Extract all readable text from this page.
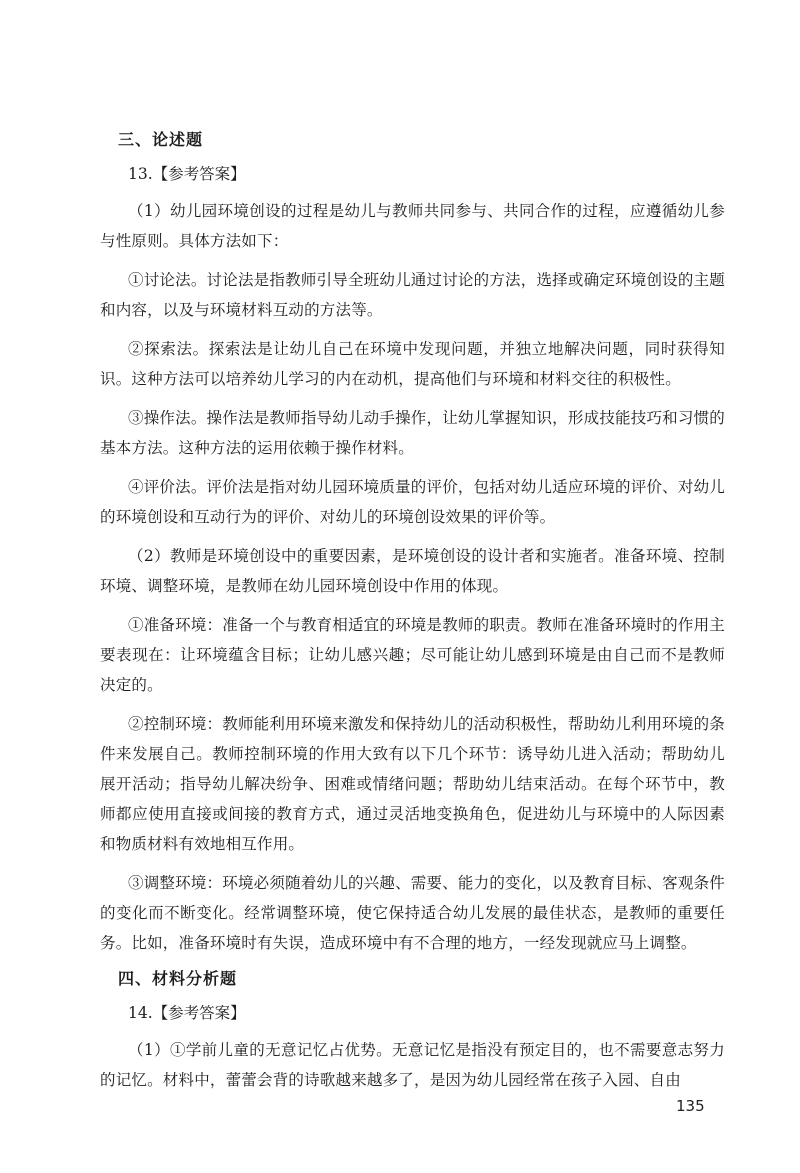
三、论述题
13.【参考答案】

（1）幼儿园环境创设的过程是幼儿与教师共同参与、共同合作的过程，应遵循幼儿参与性原则。具体方法如下：

①讨论法。讨论法是指教师引导全班幼儿通过讨论的方法，选择或确定环境创设的主题和内容，以及与环境材料互动的方法等。

②探索法。探索法是让幼儿自己在环境中发现问题，并独立地解决问题，同时获得知识。这种方法可以培养幼儿学习的内在动机，提高他们与环境和材料交往的积极性。

③操作法。操作法是教师指导幼儿动手操作，让幼儿掌握知识，形成技能技巧和习惯的基本方法。这种方法的运用依赖于操作材料。

④评价法。评价法是指对幼儿园环境质量的评价，包括对幼儿适应环境的评价、对幼儿的环境创设和互动行为的评价、对幼儿的环境创设效果的评价等。

（2）教师是环境创设中的重要因素，是环境创设的设计者和实施者。准备环境、控制环境、调整环境，是教师在幼儿园环境创设中作用的体现。

①准备环境：准备一个与教育相适宜的环境是教师的职责。教师在准备环境时的作用主要表现在：让环境蕴含目标；让幼儿感兴趣；尽可能让幼儿感到环境是由自己而不是教师决定的。

②控制环境：教师能利用环境来激发和保持幼儿的活动积极性，帮助幼儿利用环境的条件来发展自己。教师控制环境的作用大致有以下几个环节：诱导幼儿进入活动；帮助幼儿展开活动；指导幼儿解决纷争、困难或情绪问题；帮助幼儿结束活动。在每个环节中，教师都应使用直接或间接的教育方式，通过灵活地变换角色，促进幼儿与环境中的人际因素和物质材料有效地相互作用。

③调整环境：环境必须随着幼儿的兴趣、需要、能力的变化，以及教育目标、客观条件的变化而不断变化。经常调整环境，使它保持适合幼儿发展的最佳状态，是教师的重要任务。比如，准备环境时有失误，造成环境中有不合理的地方，一经发现就应马上调整。

四、材料分析题
14.【参考答案】

（1）①学前儿童的无意记忆占优势。无意记忆是指没有预定目的，也不需要意志努力的记忆。材料中，蕾蕾会背的诗歌越来越多了，是因为幼儿园经常在孩子入园、自由

135
